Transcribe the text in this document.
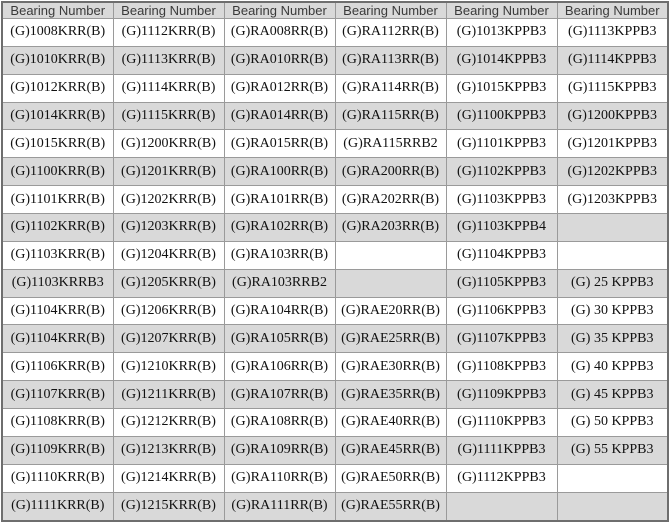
Bearing Number	Bearing Number	Bearing Number	Bearing Number	Bearing Number	Bearing Number
(G)1008KRR(B)	(G)1112KRR(B)	(G)RA008RR(B)	(G)RA112RR(B)	(G)1013KPPB3	(G)1113KPPB3
(G)1010KRR(B)	(G)1113KRR(B)	(G)RA010RR(B)	(G)RA113RR(B)	(G)1014KPPB3	(G)1114KPPB3
(G)1012KRR(B)	(G)1114KRR(B)	(G)RA012RR(B)	(G)RA114RR(B)	(G)1015KPPB3	(G)1115KPPB3
(G)1014KRR(B)	(G)1115KRR(B)	(G)RA014RR(B)	(G)RA115RR(B)	(G)1100KPPB3	(G)1200KPPB3
(G)1015KRR(B)	(G)1200KRR(B)	(G)RA015RR(B)	(G)RA115RRB2	(G)1101KPPB3	(G)1201KPPB3
(G)1100KRR(B)	(G)1201KRR(B)	(G)RA100RR(B)	(G)RA200RR(B)	(G)1102KPPB3	(G)1202KPPB3
(G)1101KRR(B)	(G)1202KRR(B)	(G)RA101RR(B)	(G)RA202RR(B)	(G)1103KPPB3	(G)1203KPPB3
(G)1102KRR(B)	(G)1203KRR(B)	(G)RA102RR(B)	(G)RA203RR(B)	(G)1103KPPB4	
(G)1103KRR(B)	(G)1204KRR(B)	(G)RA103RR(B)		(G)1104KPPB3	
(G)1103KRRB3	(G)1205KRR(B)	(G)RA103RRB2		(G)1105KPPB3	(G) 25 KPPB3
(G)1104KRR(B)	(G)1206KRR(B)	(G)RA104RR(B)	(G)RAE20RR(B)	(G)1106KPPB3	(G) 30 KPPB3
(G)1104KRR(B)	(G)1207KRR(B)	(G)RA105RR(B)	(G)RAE25RR(B)	(G)1107KPPB3	(G) 35 KPPB3
(G)1106KRR(B)	(G)1210KRR(B)	(G)RA106RR(B)	(G)RAE30RR(B)	(G)1108KPPB3	(G) 40 KPPB3
(G)1107KRR(B)	(G)1211KRR(B)	(G)RA107RR(B)	(G)RAE35RR(B)	(G)1109KPPB3	(G) 45 KPPB3
(G)1108KRR(B)	(G)1212KRR(B)	(G)RA108RR(B)	(G)RAE40RR(B)	(G)1110KPPB3	(G) 50 KPPB3
(G)1109KRR(B)	(G)1213KRR(B)	(G)RA109RR(B)	(G)RAE45RR(B)	(G)1111KPPB3	(G) 55 KPPB3
(G)1110KRR(B)	(G)1214KRR(B)	(G)RA110RR(B)	(G)RAE50RR(B)	(G)1112KPPB3	
(G)1111KRR(B)	(G)1215KRR(B)	(G)RA111RR(B)	(G)RAE55RR(B)		
